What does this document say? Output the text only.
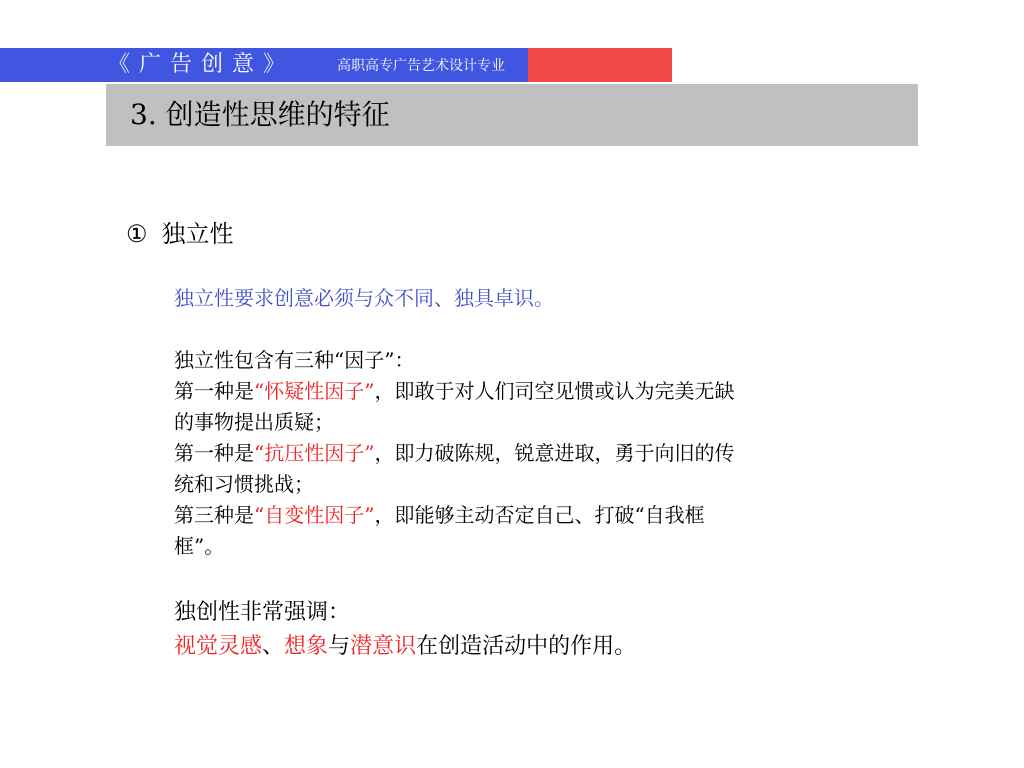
《广告创意》	高职高专广告艺术设计专业
3. 创造性思维的特征
① 独立性
独立性要求创意必须与众不同、独具卓识。
独立性包含有三种“因子”：
第一种是“怀疑性因子”，即敢于对人们司空见惯或认为完美无缺
的事物提出质疑；
第一种是“抗压性因子”，即力破陈规，锐意进取，勇于向旧的传
统和习惯挑战；
第三种是“自变性因子”，即能够主动否定自己、打破“自我框
框”。
独创性非常强调：
视觉灵感、想象与潜意识在创造活动中的作用。
